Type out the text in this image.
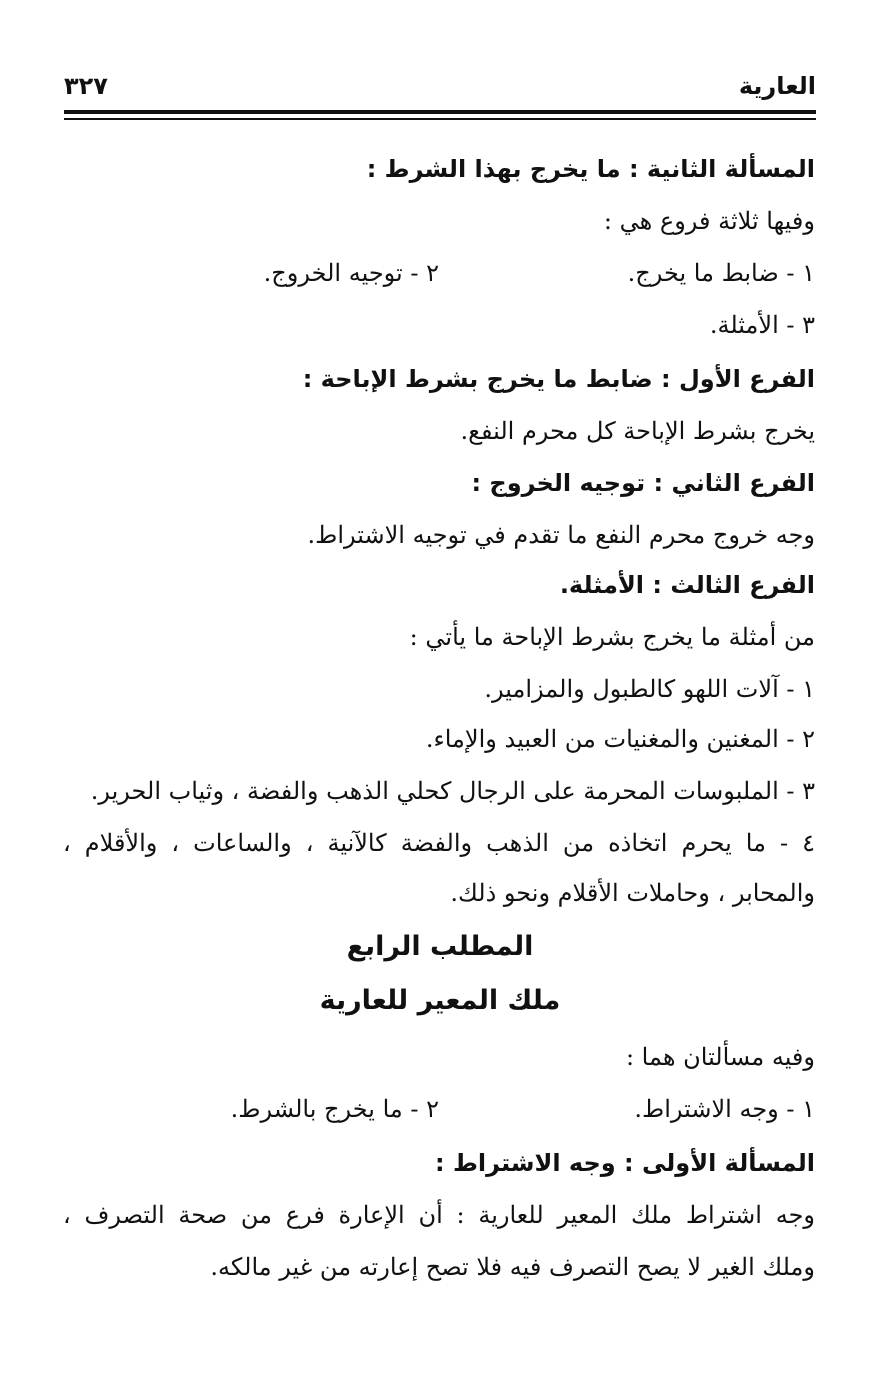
العارية
٣٢٧
المسألة الثانية : ما يخرج بهذا الشرط :
وفيها ثلاثة فروع هي :
١ - ضابط ما يخرج.
٢ - توجيه الخروج.
٣ - الأمثلة.
الفرع الأول : ضابط ما يخرج بشرط الإباحة :
يخرج بشرط الإباحة كل محرم النفع.
الفرع الثاني : توجيه الخروج :
وجه خروج محرم النفع ما تقدم في توجيه الاشتراط.
الفرع الثالث : الأمثلة.
من أمثلة ما يخرج بشرط الإباحة ما يأتي :
١ - آلات اللهو كالطبول والمزامير.
٢ - المغنين والمغنيات من العبيد والإماء.
٣ - الملبوسات المحرمة على الرجال كحلي الذهب والفضة ، وثياب الحرير.
٤ - ما يحرم اتخاذه من الذهب والفضة كالآنية ، والساعات ، والأقلام ،
والمحابر ، وحاملات الأقلام ونحو ذلك.
المطلب الرابع
ملك المعير للعارية
وفيه مسألتان هما :
١ - وجه الاشتراط.
٢ - ما يخرج بالشرط.
المسألة الأولى : وجه الاشتراط :
وجه اشتراط ملك المعير للعارية : أن الإعارة فرع من صحة التصرف ،
وملك الغير لا يصح التصرف فيه فلا تصح إعارته من غير مالكه.
